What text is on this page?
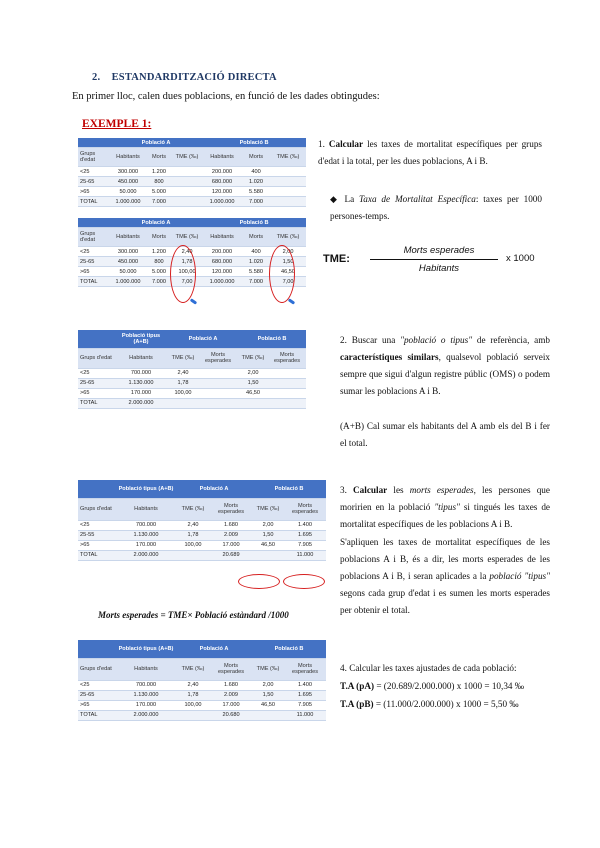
2. ESTANDARDITZACIÓ DIRECTA
En primer lloc, calen dues poblacions, en funció de les dades obtingudes:
EXEMPLE 1:
	Població A			Població B		
Grups d'edat	Habitants	Morts	TME (‰)	Habitants	Morts	TME (‰)
<25	300.000	1.200		200.000	400	
25-65	450.000	800		680.000	1.020	
>65	50.000	5.000		120.000	5.580	
TOTAL	1.000.000	7.000		1.000.000	7.000	
	Població A			Població B		
Grups d'edat	Habitants	Morts	TME (‰)	Habitants	Morts	TME (‰)
<25	300.000	1.200	2,40	200.000	400	2,00
25-65	450.000	800	1,78	680.000	1.020	1,50
>65	50.000	5.000	100,00	120.000	5.580	46,50
TOTAL	1.000.000	7.000	7,00	1.000.000	7.000	7,00
1. Calcular les taxes de mortalitat específiques per grups d'edat i la total, per les dues poblacions, A i B.
◆ La Taxa de Mortalitat Específica: taxes per 1000 persones-temps.
TME:
Morts esperades
Habitants
x 1000
	Població tipus (A+B)	Població A		Població B	
Grups d'edat	Habitants	TME (‰)	Morts esperades	TME (‰)	Morts esperades
<25	700.000	2,40		2,00	
25-65	1.130.000	1,78		1,50	
>65	170.000	100,00		46,50	
TOTAL	2.000.000				
2. Buscar una "població o tipus" de referència, amb característiques similars, qualsevol població serveix sempre que sigui d'algun registre públic (OMS) o podem sumar les poblacions A i B.
(A+B) Cal sumar els habitants del A amb els del B i fer el total.
	Població tipus (A+B)	Població A		Població B	
Grups d'edat	Habitants	TME (‰)	Morts esperades	TME (‰)	Morts esperades
<25	700.000	2,40	1.680	2,00	1.400
25-55	1.130.000	1,78	2.009	1,50	1.695
>65	170.000	100,00	17.000	46,50	7.905
TOTAL	2.000.000		20.689		11.000
Morts esperades = TME× Població estàndard /1000
3. Calcular les morts esperades, les persones que moririen en la població "tipus" si tingués les taxes de mortalitat específiques de les poblacions A i B.
S'apliquen les taxes de mortalitat específiques de les poblacions A i B, és a dir, les morts esperades de les poblacions A i B, i seran aplicades a la població "tipus" segons cada grup d'edat i es sumen les morts esperades per obtenir el total.
	Població tipus (A+B)	Població A		Població B	
Grups d'edat	Habitants	TME (‰)	Morts esperades	TME (‰)	Morts esperades
<25	700.000	2,40	1.680	2,00	1.400
25-65	1.130.000	1,78	2.009	1,50	1.695
>65	170.000	100,00	17.000	46,50	7.905
TOTAL	2.000.000		20.680		11.000
4. Calcular les taxes ajustades de cada població:
T.A (pA) = (20.689/2.000.000) x 1000 = 10,34 ‰
T.A (pB) = (11.000/2.000.000) x 1000 = 5,50 ‰
